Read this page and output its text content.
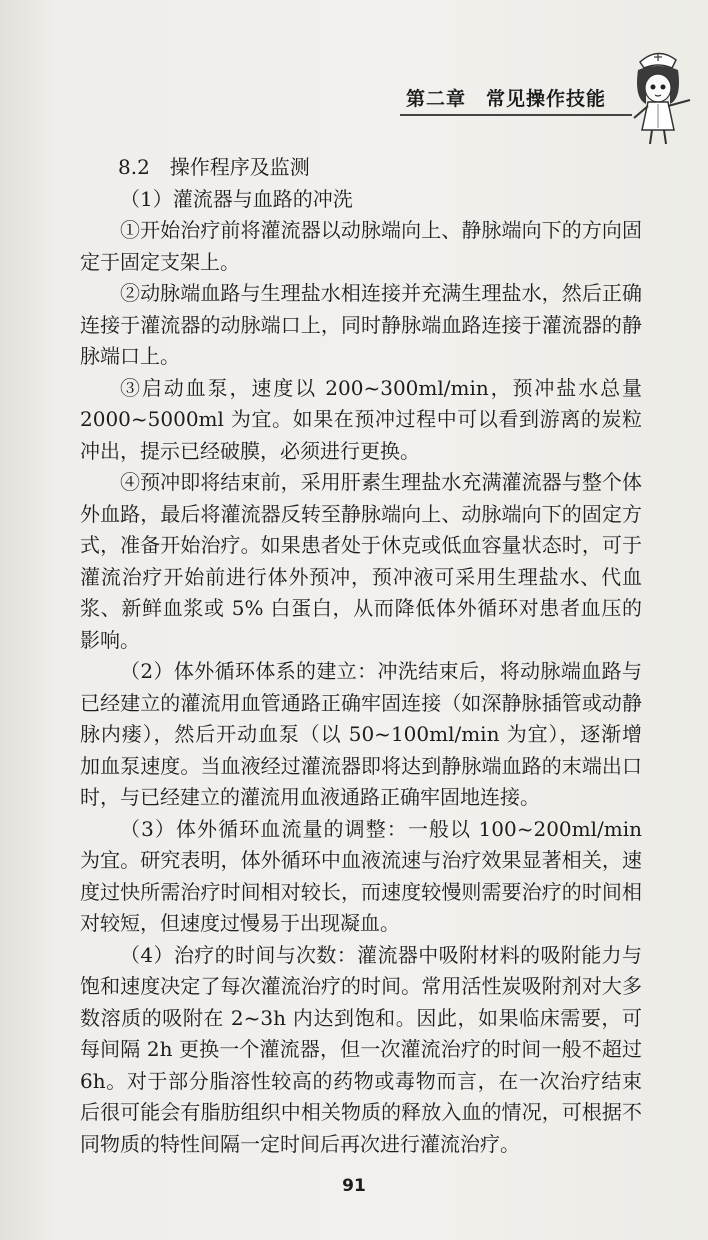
第二章　常见操作技能

8.2　操作程序及监测

（1）灌流器与血路的冲洗

①开始治疗前将灌流器以动脉端向上、静脉端向下的方向固定于固定支架上。

②动脉端血路与生理盐水相连接并充满生理盐水，然后正确连接于灌流器的动脉端口上，同时静脉端血路连接于灌流器的静脉端口上。

③启动血泵，速度以 200~300ml/min，预冲盐水总量 2000~5000ml 为宜。如果在预冲过程中可以看到游离的炭粒冲出，提示已经破膜，必须进行更换。

④预冲即将结束前，采用肝素生理盐水充满灌流器与整个体外血路，最后将灌流器反转至静脉端向上、动脉端向下的固定方式，准备开始治疗。如果患者处于休克或低血容量状态时，可于灌流治疗开始前进行体外预冲，预冲液可采用生理盐水、代血浆、新鲜血浆或 5% 白蛋白，从而降低体外循环对患者血压的影响。

（2）体外循环体系的建立：冲洗结束后，将动脉端血路与已经建立的灌流用血管通路正确牢固连接（如深静脉插管或动静脉内瘘），然后开动血泵（以 50~100ml/min 为宜），逐渐增加血泵速度。当血液经过灌流器即将达到静脉端血路的末端出口时，与已经建立的灌流用血液通路正确牢固地连接。

（3）体外循环血流量的调整：一般以 100~200ml/min 为宜。研究表明，体外循环中血液流速与治疗效果显著相关，速度过快所需治疗时间相对较长，而速度较慢则需要治疗的时间相对较短，但速度过慢易于出现凝血。

（4）治疗的时间与次数：灌流器中吸附材料的吸附能力与饱和速度决定了每次灌流治疗的时间。常用活性炭吸附剂对大多数溶质的吸附在 2~3h 内达到饱和。因此，如果临床需要，可每间隔 2h 更换一个灌流器，但一次灌流治疗的时间一般不超过6h。对于部分脂溶性较高的药物或毒物而言，在一次治疗结束后很可能会有脂肪组织中相关物质的释放入血的情况，可根据不同物质的特性间隔一定时间后再次进行灌流治疗。

91
